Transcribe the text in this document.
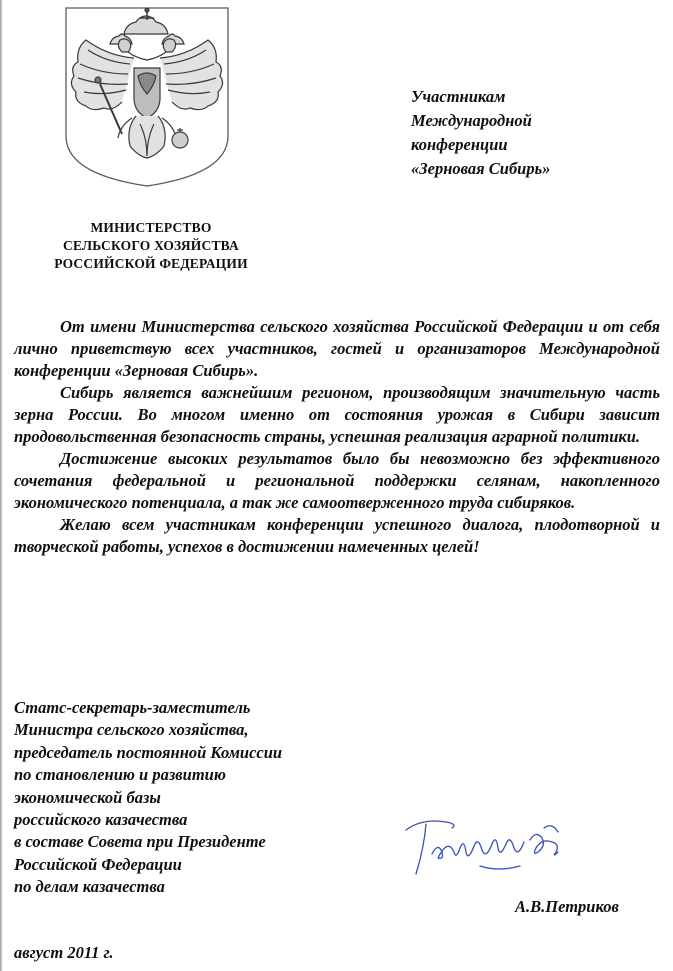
МИНИСТЕРСТВО
СЕЛЬСКОГО ХОЗЯЙСТВА
РОССИЙСКОЙ ФЕДЕРАЦИИ
Участникам
Международной
конференции
«Зерновая Сибирь»

От имени Министерства сельского хозяйства Российской Федерации и от себя лично приветствую всех участников, гостей и организаторов Международной конференции «Зерновая Сибирь».

Сибирь является важнейшим регионом, производящим значительную часть зерна России. Во многом именно от состояния урожая в Сибири зависит продовольственная безопасность страны, успешная реализация аграрной политики.

Достижение высоких результатов было бы невозможно без эффективного сочетания федеральной и региональной поддержки селянам, накопленного экономического потенциала, а так же самоотверженного труда сибиряков.

Желаю всем участникам конференции успешного диалога, плодотворной и творческой работы, успехов в достижении намеченных целей!

Статс-секретарь-заместитель
Министра сельского хозяйства,
председатель постоянной Комиссии
по становлению и развитию
экономической базы
российского казачества
в составе Совета при Президенте
Российской Федерации
по делам казачества
А.В.Петриков
август 2011 г.
